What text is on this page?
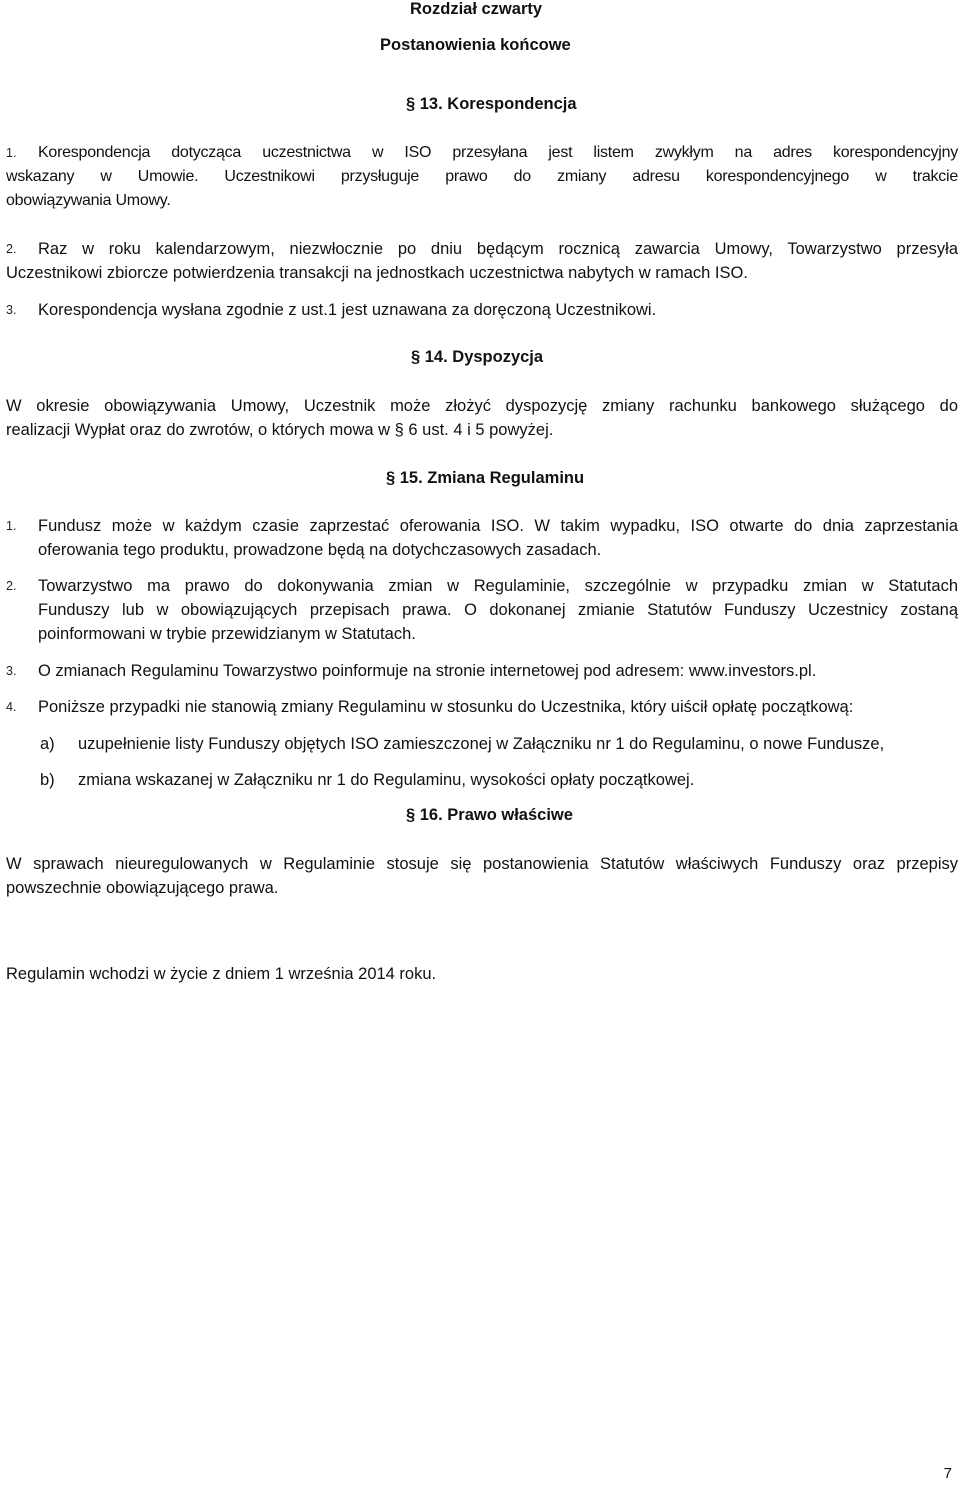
Rozdział czwarty
Postanowienia końcowe
§ 13. Korespondencja
1. Korespondencja dotycząca uczestnictwa w ISO przesyłana jest listem zwykłym na adres korespondencyjny
wskazany w Umowie. Uczestnikowi przysługuje prawo do zmiany adresu korespondencyjnego w trakcie
obowiązywania Umowy.
2. Raz w roku kalendarzowym, niezwłocznie po dniu będącym rocznicą zawarcia Umowy, Towarzystwo przesyła
Uczestnikowi zbiorcze potwierdzenia transakcji na jednostkach uczestnictwa nabytych w ramach ISO.
3. Korespondencja wysłana zgodnie z ust.1 jest uznawana za doręczoną Uczestnikowi.
§ 14. Dyspozycja
W okresie obowiązywania Umowy, Uczestnik może złożyć dyspozycję zmiany rachunku bankowego służącego do
realizacji Wypłat oraz do zwrotów, o których mowa w § 6 ust. 4 i 5 powyżej.
§ 15. Zmiana Regulaminu
1. Fundusz może w każdym czasie zaprzestać oferowania ISO. W takim wypadku, ISO otwarte do dnia zaprzestania
oferowania tego produktu, prowadzone będą na dotychczasowych zasadach.
2. Towarzystwo ma prawo do dokonywania zmian w Regulaminie, szczególnie w przypadku zmian w Statutach
Funduszy lub w obowiązujących przepisach prawa. O dokonanej zmianie Statutów Funduszy Uczestnicy zostaną
poinformowani w trybie przewidzianym w Statutach.
3. O zmianach Regulaminu Towarzystwo poinformuje na stronie internetowej pod adresem: www.investors.pl.
4. Poniższe przypadki nie stanowią zmiany Regulaminu w stosunku do Uczestnika, który uiścił opłatę początkową:
a) uzupełnienie listy Funduszy objętych ISO zamieszczonej w Załączniku nr 1 do Regulaminu, o nowe Fundusze,
b) zmiana wskazanej w Załączniku nr 1 do Regulaminu, wysokości opłaty początkowej.
§ 16. Prawo właściwe
W sprawach nieuregulowanych w Regulaminie stosuje się postanowienia Statutów właściwych Funduszy oraz przepisy
powszechnie obowiązującego prawa.
Regulamin wchodzi w życie z dniem 1 września 2014 roku.
7
